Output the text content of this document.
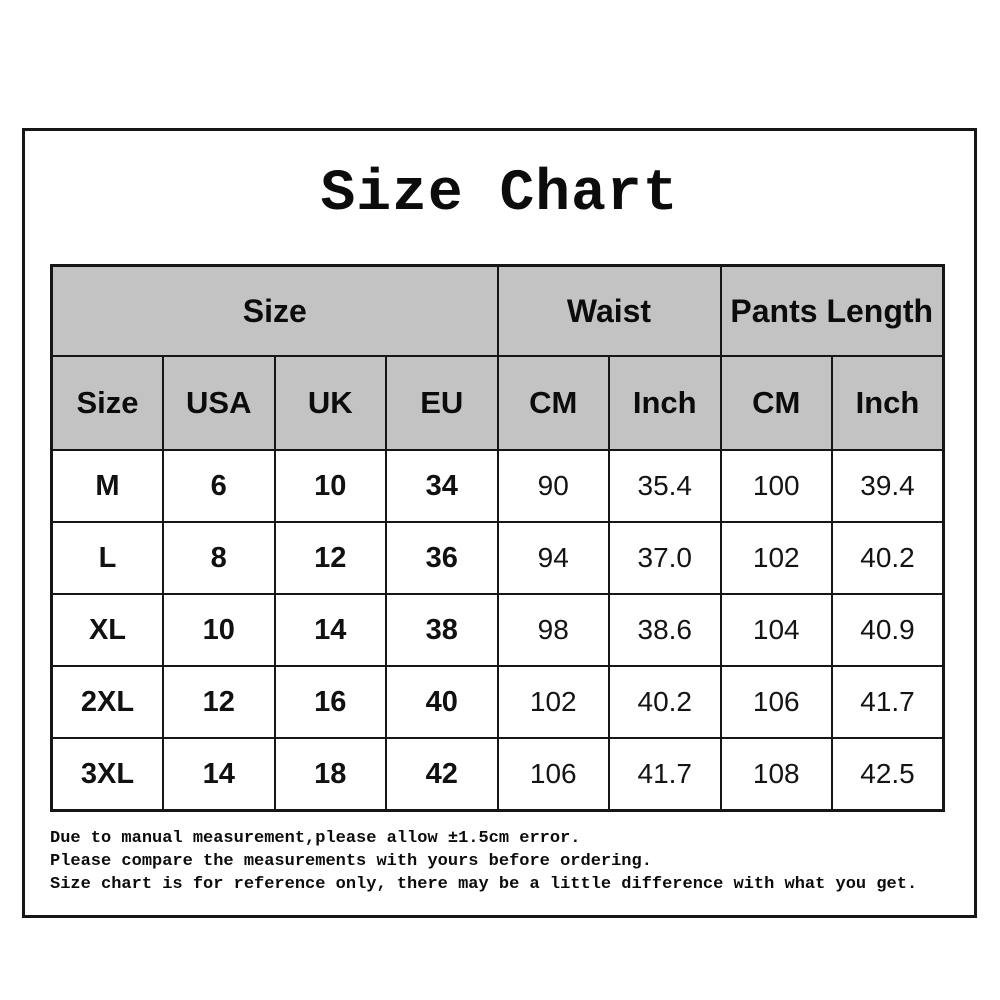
Size Chart
Size				Waist		Pants Length	
Size	USA	UK	EU	CM	Inch	CM	Inch
M	6	10	34	90	35.4	100	39.4
L	8	12	36	94	37.0	102	40.2
XL	10	14	38	98	38.6	104	40.9
2XL	12	16	40	102	40.2	106	41.7
3XL	14	18	42	106	41.7	108	42.5

Due to manual measurement,please allow ±1.5cm error.

Please compare the measurements with yours before ordering.

Size chart is for reference only, there may be a little difference with what you get.
